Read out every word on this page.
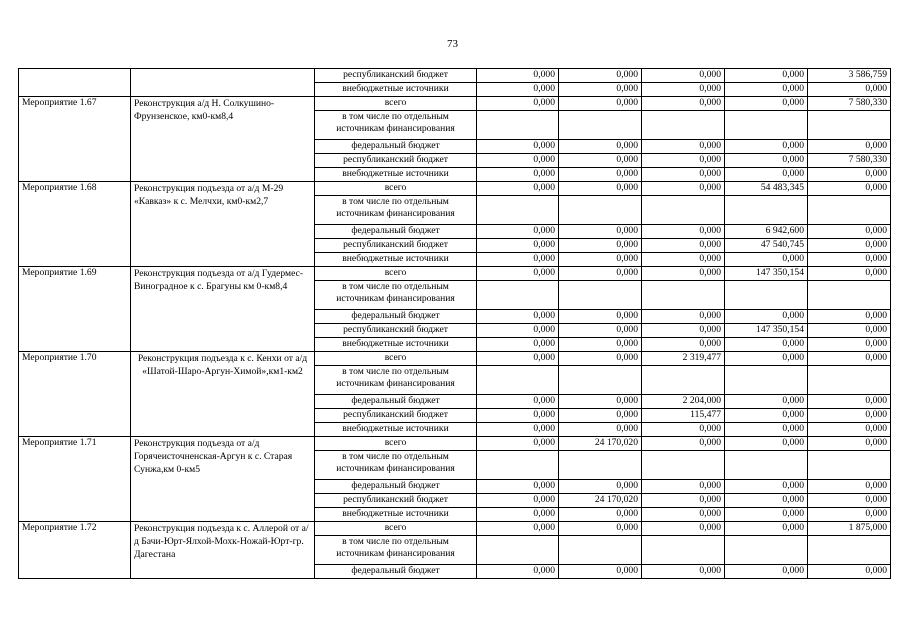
73
		республиканский бюджет	0,000	0,000	0,000	0,000	3 586,759
		внебюджетные источники	0,000	0,000	0,000	0,000	0,000
Мероприятие 1.67	Реконструкция а/д Н. Солкушино-Фрунзенское, км0-км8,4	всего	0,000	0,000	0,000	0,000	7 580,330
		в том числе по отдельным источникам финансирования					
		федеральный бюджет	0,000	0,000	0,000	0,000	0,000
		республиканский бюджет	0,000	0,000	0,000	0,000	7 580,330
		внебюджетные источники	0,000	0,000	0,000	0,000	0,000
Мероприятие 1.68	Реконструкция подъезда от а/д М-29 «Кавказ» к с. Мелчхи, км0-км2,7	всего	0,000	0,000	0,000	54 483,345	0,000
		в том числе по отдельным источникам финансирования					
		федеральный бюджет	0,000	0,000	0,000	6 942,600	0,000
		республиканский бюджет	0,000	0,000	0,000	47 540,745	0,000
		внебюджетные источники	0,000	0,000	0,000	0,000	0,000
Мероприятие 1.69	Реконструкция подъезда от а/д Гудермес-Виноградное к с. Брагуны км 0-км8,4	всего	0,000	0,000	0,000	147 350,154	0,000
		в том числе по отдельным источникам финансирования					
		федеральный бюджет	0,000	0,000	0,000	0,000	0,000
		республиканский бюджет	0,000	0,000	0,000	147 350,154	0,000
		внебюджетные источники	0,000	0,000	0,000	0,000	0,000
Мероприятие 1.70	Реконструкция подъезда к с. Кенхи от а/д «Шатой-Шаро-Аргун-Химой»,км1-км2	всего	0,000	0,000	2 319,477	0,000	0,000
		в том числе по отдельным источникам финансирования					
		федеральный бюджет	0,000	0,000	2 204,000	0,000	0,000
		республиканский бюджет	0,000	0,000	115,477	0,000	0,000
		внебюджетные источники	0,000	0,000	0,000	0,000	0,000
Мероприятие 1.71	Реконструкция подъезда от а/д Горячеисточненская-Аргун к с. Старая Сунжа,км 0-км5	всего	0,000	24 170,020	0,000	0,000	0,000
		в том числе по отдельным источникам финансирования					
		федеральный бюджет	0,000	0,000	0,000	0,000	0,000
		республиканский бюджет	0,000	24 170,020	0,000	0,000	0,000
		внебюджетные источники	0,000	0,000	0,000	0,000	0,000
Мероприятие 1.72	Реконструкция подъезда к с. Аллерой от а/д Бачи-Юрт-Ялхой-Мохк-Ножай-Юрт-гр. Дагестана	всего	0,000	0,000	0,000	0,000	1 875,000
		в том числе по отдельным источникам финансирования					
		федеральный бюджет	0,000	0,000	0,000	0,000	0,000
